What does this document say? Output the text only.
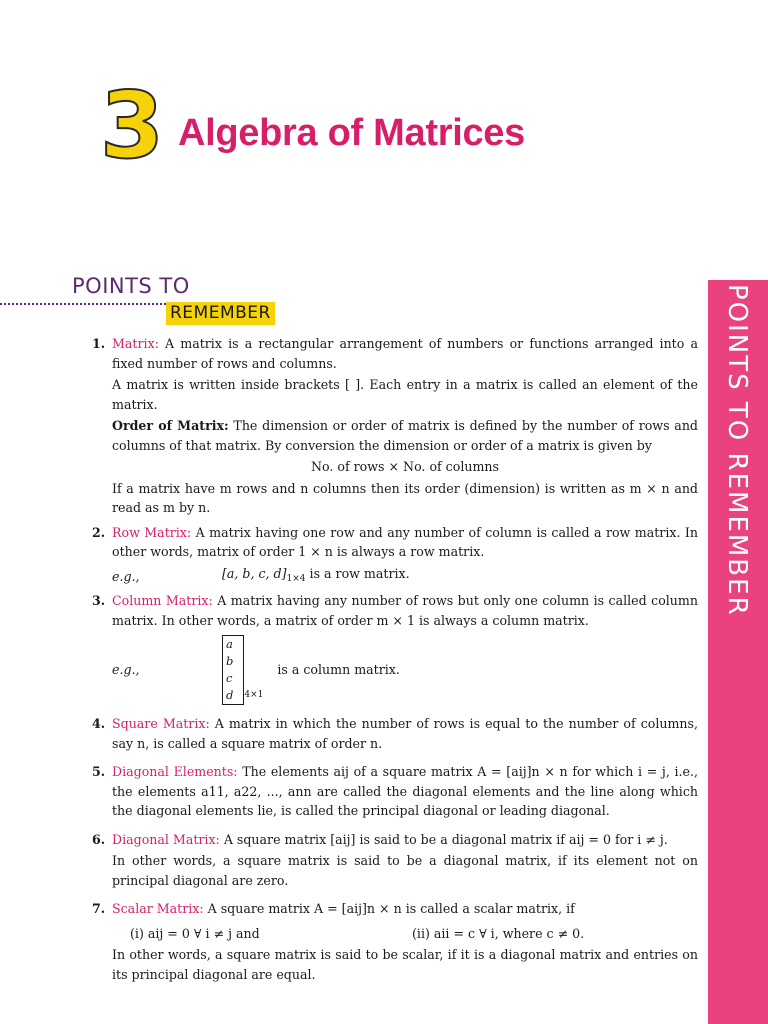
3 Algebra of Matrices
POINTS TO
REMEMBER	POINTS TO REMEMBER
1. Matrix: A matrix is a rectangular arrangement of numbers or functions arranged into a fixed number of rows and columns.

A matrix is written inside brackets [ ]. Each entry in a matrix is called an element of the matrix.

Order of Matrix: The dimension or order of matrix is defined by the number of rows and columns of that matrix. By conversion the dimension or order of a matrix is given by

No. of rows × No. of columns

If a matrix have m rows and n columns then its order (dimension) is written as m × n and read as m by n.

2. Row Matrix: A matrix having one row and any number of column is called a row matrix. In other words, matrix of order 1 × n is always a row matrix.

e.g.,	[a, b, c, $d]_{1\times 4}$ is a row matrix.
3. Column Matrix: A matrix having any number of rows but only one column is called column matrix. In other words, a matrix of order m × 1 is always a column matrix.

e.g.,
a
b
c
d 4×1
is a column matrix.
4. Square Matrix: A matrix in which the number of rows is equal to the number of columns, say n, is called a square matrix of order n.

5. Diagonal Elements: The elements aij of a square matrix A = [aij]n × n for which i = j, i.e., the elements a11, a22, ..., ann are called the diagonal elements and the line along which the diagonal elements lie, is called the principal diagonal or leading diagonal.

6. Diagonal Matrix: A square matrix [aij] is said to be a diagonal matrix if aij = 0 for i ≠ j.

In other words, a square matrix is said to be a diagonal matrix, if its element not on principal diagonal are zero.

7. Scalar Matrix: A square matrix A = [aij]n × n is called a scalar matrix, if

(i) aij = 0 ∀ i ≠ j and	(ii) aii = c ∀ i, where c ≠ 0.

In other words, a square matrix is said to be scalar, if it is a diagonal matrix and entries on its principal diagonal are equal.
